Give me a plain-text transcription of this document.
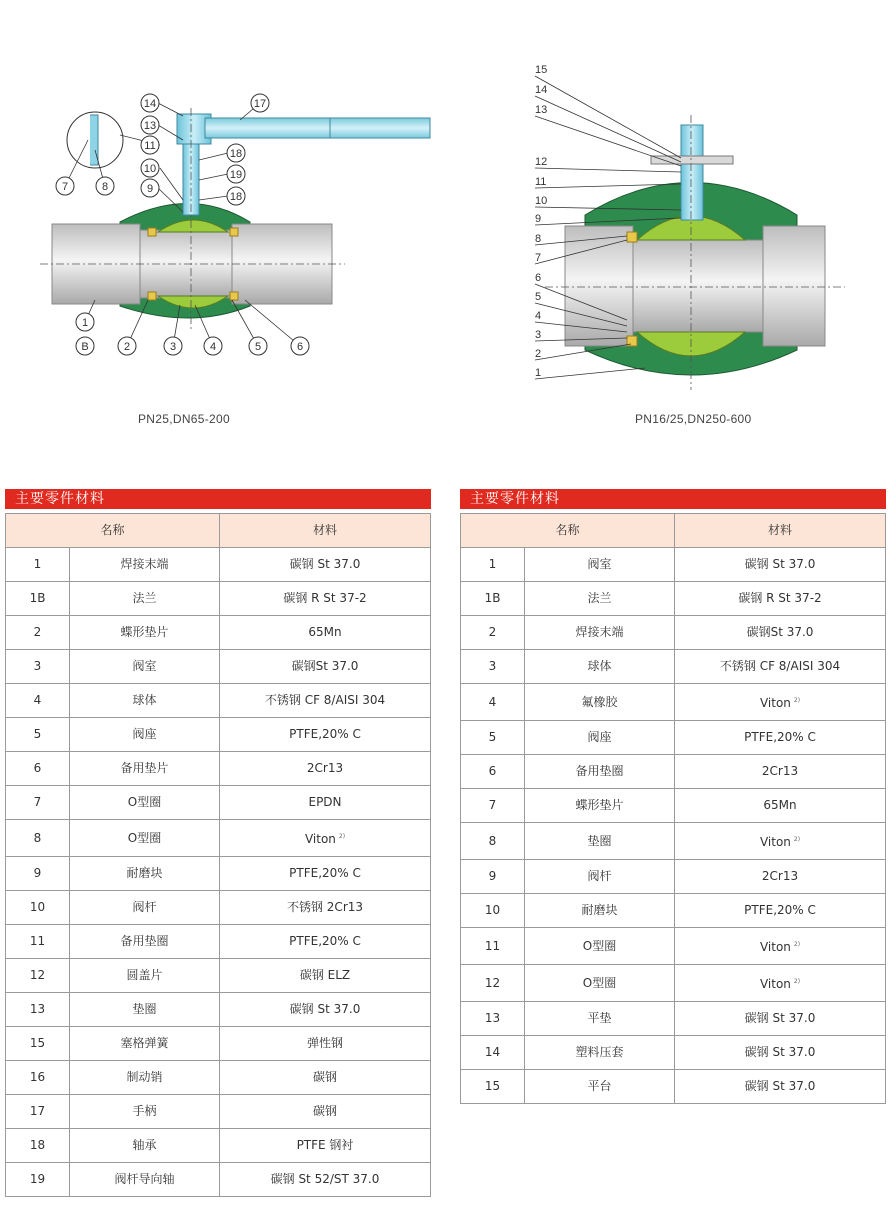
14
13
11
7	8
10
9
17
18
19
18
1
B	2	3	4	5	6
PN25,DN65-200
15
14
13
12
11
10
9
8
7
6
5
4
3
2
1
PN16/25,DN250-600
主要零件材料
名称		材料
1	焊接末端	碳钢 St 37.0
1B	法兰	碳钢 R St 37-2
2	蝶形垫片	65Mn
3	阀室	碳钢St 37.0
4	球体	不锈钢 CF 8/AISI 304
5	阀座	PTFE,20% C
6	备用垫片	2Cr13
7	O型圈	EPDN
8	O型圈	Viton $^{2)}$
9	耐磨块	PTFE,20% C
10	阀杆	不锈钢 2Cr13
11	备用垫圈	PTFE,20% C
12	圆盖片	碳钢 ELZ
13	垫圈	碳钢 St 37.0
15	塞格弹簧	弹性钢
16	制动销	碳钢
17	手柄	碳钢
18	轴承	PTFE 钢衬
19	阀杆导向轴	碳钢 St 52/ST 37.0
主要零件材料
名称		材料
1	阀室	碳钢 St 37.0
1B	法兰	碳钢 R St 37-2
2	焊接末端	碳钢St 37.0
3	球体	不锈钢 CF 8/AISI 304
4	氟橡胶	Viton $^{2)}$
5	阀座	PTFE,20% C
6	备用垫圈	2Cr13
7	蝶形垫片	65Mn
8	垫圈	Viton $^{2)}$
9	阀杆	2Cr13
10	耐磨块	PTFE,20% C
11	O型圈	Viton $^{2)}$
12	O型圈	Viton $^{2)}$
13	平垫	碳钢 St 37.0
14	塑料压套	碳钢 St 37.0
15	平台	碳钢 St 37.0
